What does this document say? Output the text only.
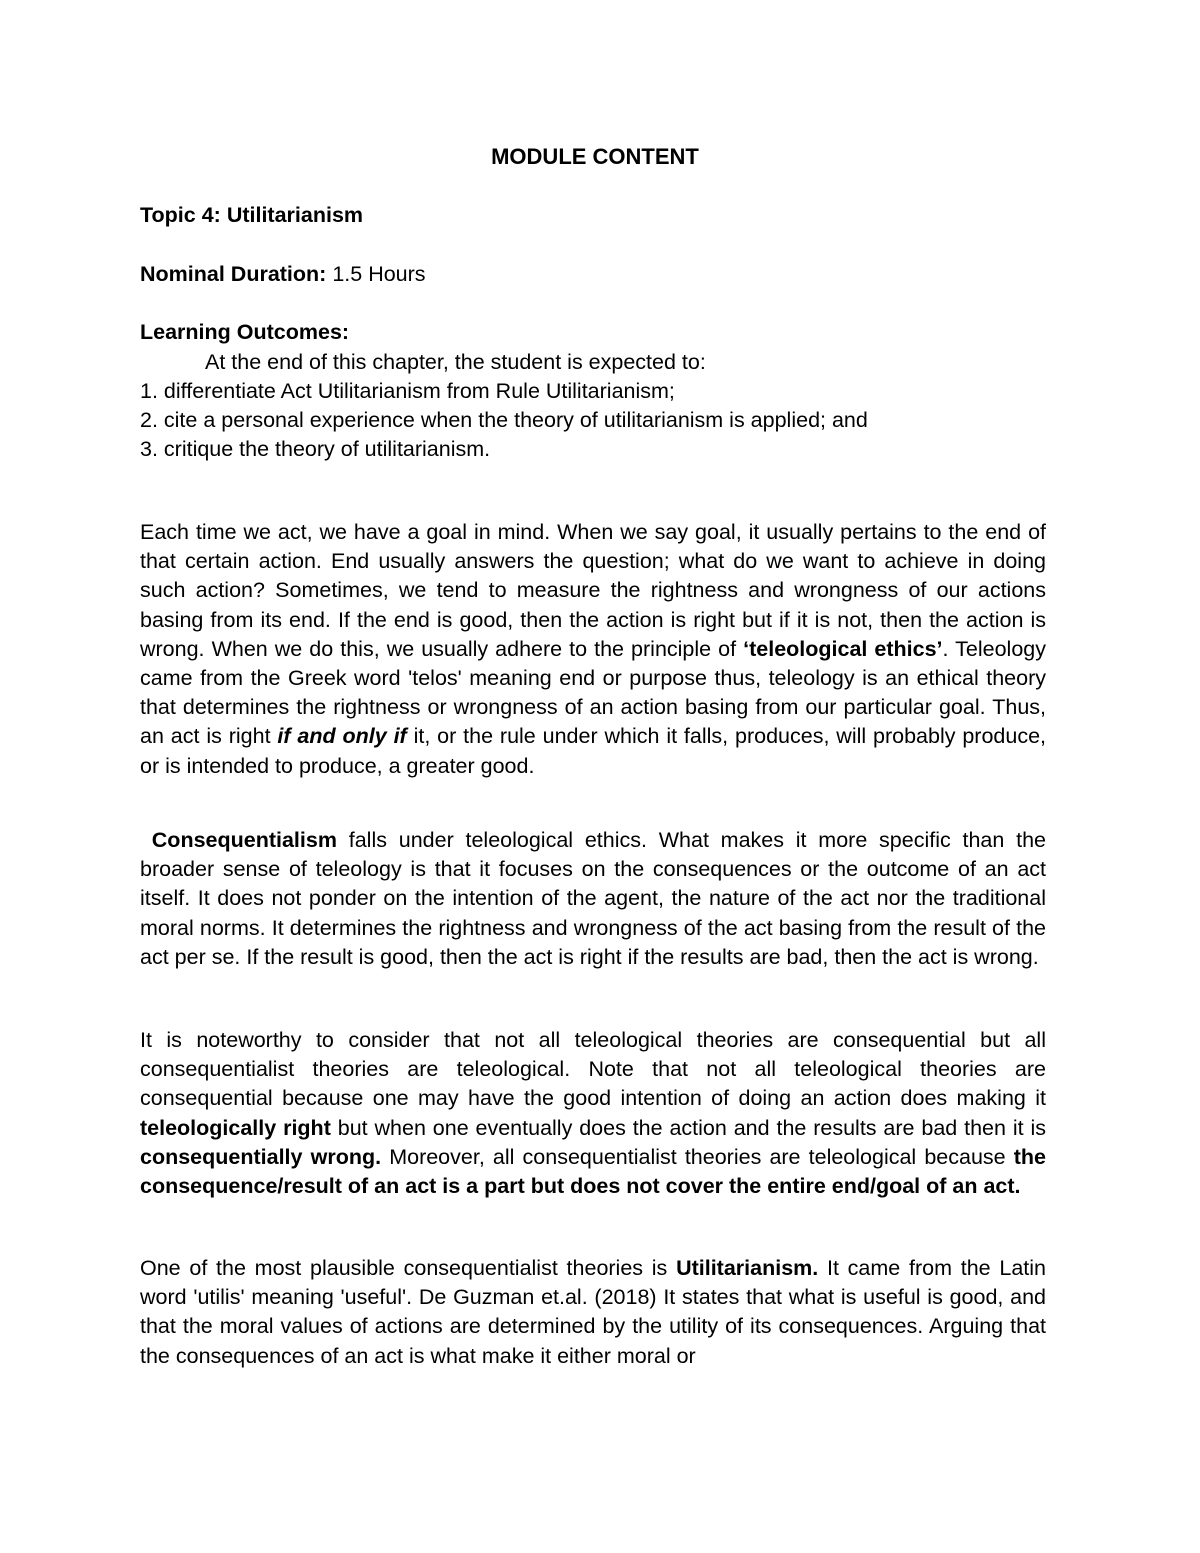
MODULE CONTENT
Topic 4: Utilitarianism
Nominal Duration: 1.5 Hours
Learning Outcomes:
At the end of this chapter, the student is expected to:
1. differentiate Act Utilitarianism from Rule Utilitarianism;
2. cite a personal experience when the theory of utilitarianism is applied; and
3. critique the theory of utilitarianism.

Each time we act, we have a goal in mind. When we say goal, it usually pertains to the end of that certain action. End usually answers the question; what do we want to achieve in doing such action? Sometimes, we tend to measure the rightness and wrongness of our actions basing from its end. If the end is good, then the action is right but if it is not, then the action is wrong. When we do this, we usually adhere to the principle of ‘teleological ethics’. Teleology came from the Greek word 'telos' meaning end or purpose thus, teleology is an ethical theory that determines the rightness or wrongness of an action basing from our particular goal. Thus, an act is right if and only if it, or the rule under which it falls, produces, will probably produce, or is intended to produce, a greater good.

Consequentialism falls under teleological ethics. What makes it more specific than the broader sense of teleology is that it focuses on the consequences or the outcome of an act itself. It does not ponder on the intention of the agent, the nature of the act nor the traditional moral norms. It determines the rightness and wrongness of the act basing from the result of the act per se. If the result is good, then the act is right if the results are bad, then the act is wrong.

It is noteworthy to consider that not all teleological theories are consequential but all consequentialist theories are teleological. Note that not all teleological theories are consequential because one may have the good intention of doing an action does making it teleologically right but when one eventually does the action and the results are bad then it is consequentially wrong. Moreover, all consequentialist theories are teleological because the consequence/result of an act is a part but does not cover the entire end/goal of an act.

One of the most plausible consequentialist theories is Utilitarianism. It came from the Latin word 'utilis' meaning 'useful'. De Guzman et.al. (2018) It states that what is useful is good, and that the moral values of actions are determined by the utility of its consequences. Arguing that the consequences of an act is what make it either moral or
